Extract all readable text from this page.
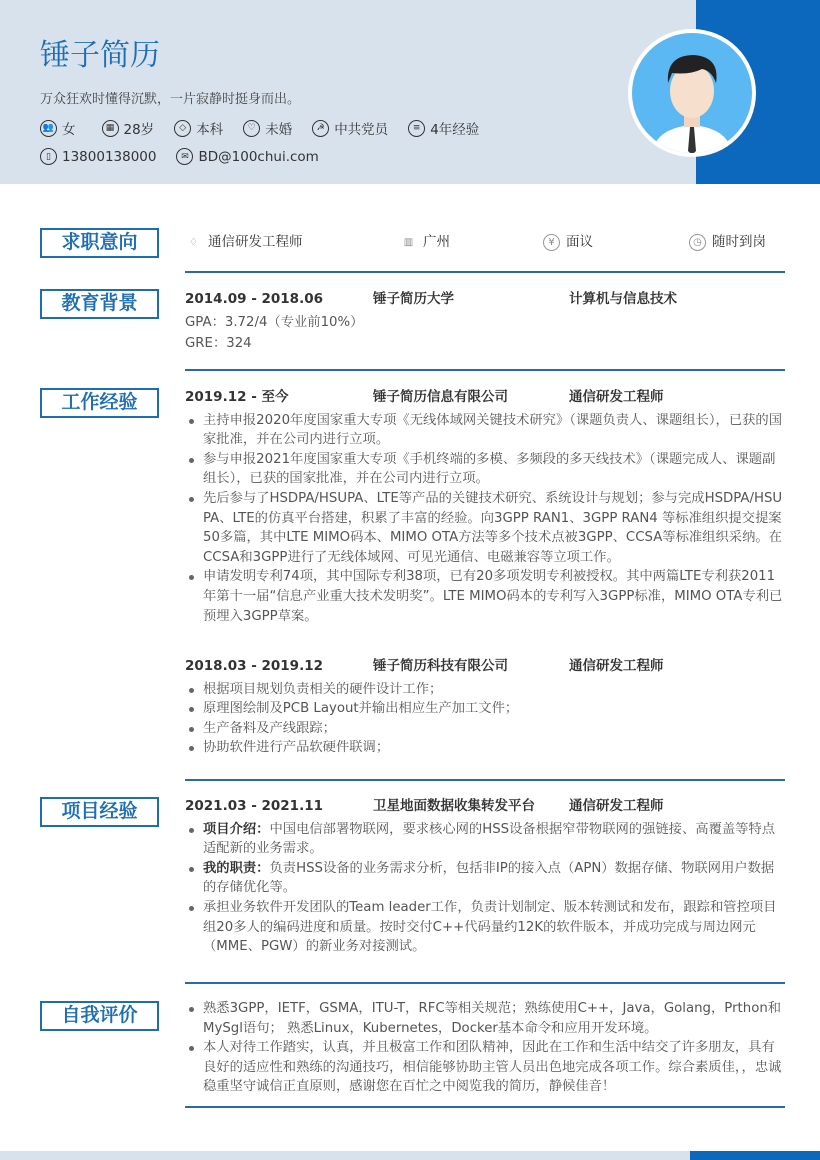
锤子简历
万众狂欢时懂得沉默，一片寂静时挺身而出。
👥 女	▦ 28岁	◇ 本科	♡ 未婚	☭ 中共党员	≡ 4年经验
▯ 13800138000	✉ BD@100chui.com
求职意向	♢ 通信研发工程师	▥ 广州	¥ 面议	◷ 随时到岗
教育背景	2014.09 - 2018.06	锤子简历大学	计算机与信息技术
GPA：3.72/4（专业前10%）
GRE：324
工作经验	2019.12 - 至今	锤子简历信息有限公司	通信研发工程师
主持申报2020年度国家重大专项《无线体域网关键技术研究》（课题负责人、课题组长），已获的国家批准，并在公司内进行立项。
参与申报2021年度国家重大专项《手机终端的多模、多频段的多天线技术》（课题完成人、课题副组长），已获的国家批准，并在公司内进行立项。
先后参与了HSDPA/HSUPA、LTE等产品的关键技术研究、系统设计与规划；参与完成HSDPA/HSUPA、LTE的仿真平台搭建，积累了丰富的经验。向3GPP RAN1、3GPP RAN4 等标准组织提交提案50多篇，其中LTE MIMO码本、MIMO OTA方法等多个技术点被3GPP、CCSA等标准组织采纳。在CCSA和3GPP进行了无线体域网、可见光通信、电磁兼容等立项工作。
申请发明专利74项，其中国际专利38项，已有20多项发明专利被授权。其中两篇LTE专利获2011年第十一届“信息产业重大技术发明奖”。LTE MIMO码本的专利写入3GPP标准，MIMO OTA专利已预埋入3GPP草案。
2018.03 - 2019.12	锤子简历科技有限公司	通信研发工程师
根据项目规划负责相关的硬件设计工作；
原理图绘制及PCB Layout并输出相应生产加工文件；
生产备料及产线跟踪；
协助软件进行产品软硬件联调；
项目经验	2021.03 - 2021.11	卫星地面数据收集转发平台	通信研发工程师
项目介绍：中国电信部署物联网，要求核心网的HSS设备根据窄带物联网的强链接、高覆盖等特点适配新的业务需求。
我的职责：负责HSS设备的业务需求分析，包括非IP的接入点（APN）数据存储、物联网用户数据的存储优化等。
承担业务软件开发团队的Team leader工作，负责计划制定、版本转测试和发布，跟踪和管控项目组20多人的编码进度和质量。按时交付C++代码量约12K的软件版本，并成功完成与周边网元（MME、PGW）的新业务对接测试。
自我评价	熟悉3GPP，IETF，GSMA，ITU-T，RFC等相关规范；熟练使用C++，Java，Golang，Prthon和MySgl语句； 熟悉Linux，Kubernetes，Docker基本命令和应用开发环境。
本人对待工作踏实，认真，并且极富工作和团队精神，因此在工作和生活中结交了许多朋友，具有良好的适应性和熟练的沟通技巧，相信能够协助主管人员出色地完成各项工作。综合素质佳，，忠诚稳重坚守诚信正直原则，感谢您在百忙之中阅览我的简历，静候佳音！
